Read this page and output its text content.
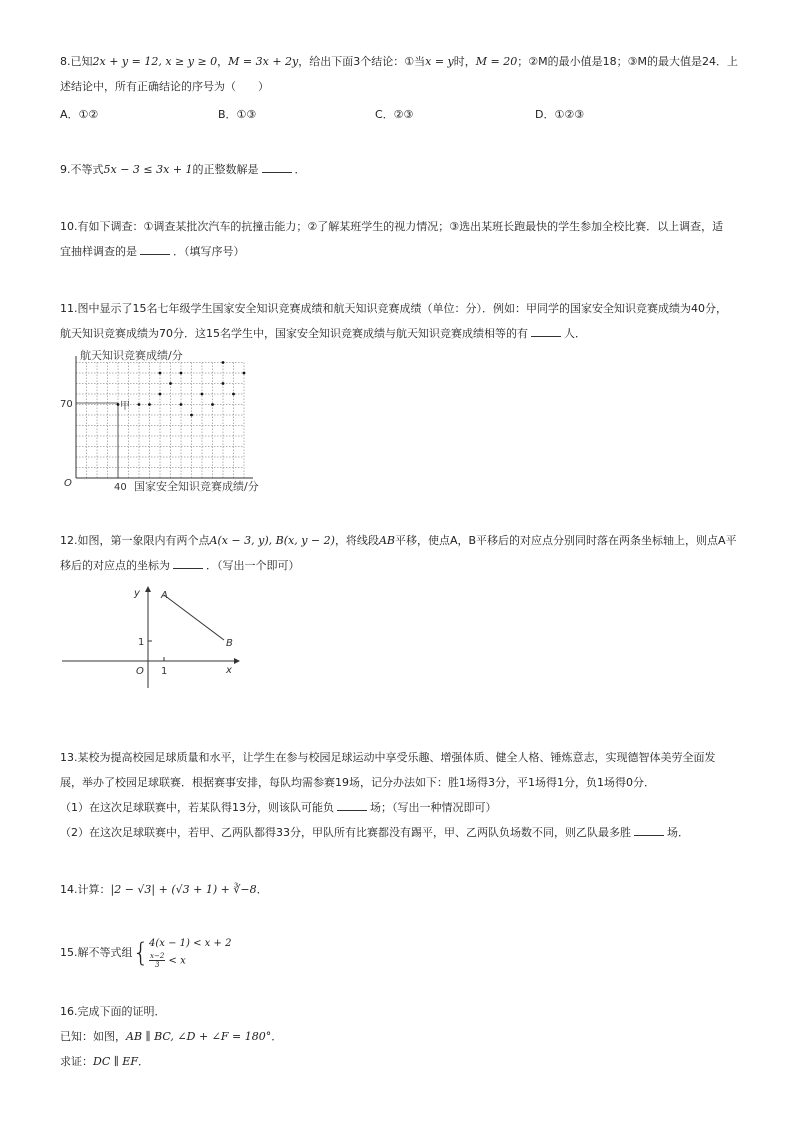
8.已知2x + y = 12, x ≥ y ≥ 0，M = 3x + 2y，给出下面3个结论：①当x = y时，M = 20；②M的最小值是18；③M的最大值是24．上
述结论中，所有正确结论的序号为（　　）
A．①②	B．①③	C．②③	D．①②③
9.不等式5x − 3 ≤ 3x + 1的正整数解是	．
10.有如下调查：①调查某批次汽车的抗撞击能力；②了解某班学生的视力情况；③选出某班长跑最快的学生参加全校比赛．以上调查，适
宜抽样调查的是	．（填写序号）
11.图中显示了15名七年级学生国家安全知识竞赛成绩和航天知识竞赛成绩（单位：分）．例如：甲同学的国家安全知识竞赛成绩为40分，
航天知识竞赛成绩为70分．这15名学生中，国家安全知识竞赛成绩与航天知识竞赛成绩相等的有	人．
航天知识竞赛成绩/分
70
O	40 国家安全知识竞赛成绩/分
甲
12.如图，第一象限内有两个点A(x − 3, y), B(x, y − 2)，将线段AB平移，使点A，B平移后的对应点分别同时落在两条坐标轴上，则点A平
移后的对应点的坐标为	．（写出一个即可）
y
x
O 1
1
A
B
13.某校为提高校园足球质量和水平，让学生在参与校园足球运动中享受乐趣、增强体质、健全人格、锤炼意志，实现德智体美劳全面发
展，举办了校园足球联赛．根据赛事安排，每队均需参赛19场，记分办法如下：胜1场得3分，平1场得1分，负1场得0分．
（1）在这次足球联赛中，若某队得13分，则该队可能负	场；（写出一种情况即可）
（2）在这次足球联赛中，若甲、乙两队都得33分，甲队所有比赛都没有踢平，甲、乙两队负场数不同，则乙队最多胜	场．
14.计算：|2 − √3| + (√3 + 1) + ∛−8．
15.解不等式组{ 4(x − 1) < x + 2
$\frac{x-2}{3} < x$
16.完成下面的证明．
已知：如图，AB ∥ BC, ∠D + ∠F = 180°．
求证：DC ∥ EF．
